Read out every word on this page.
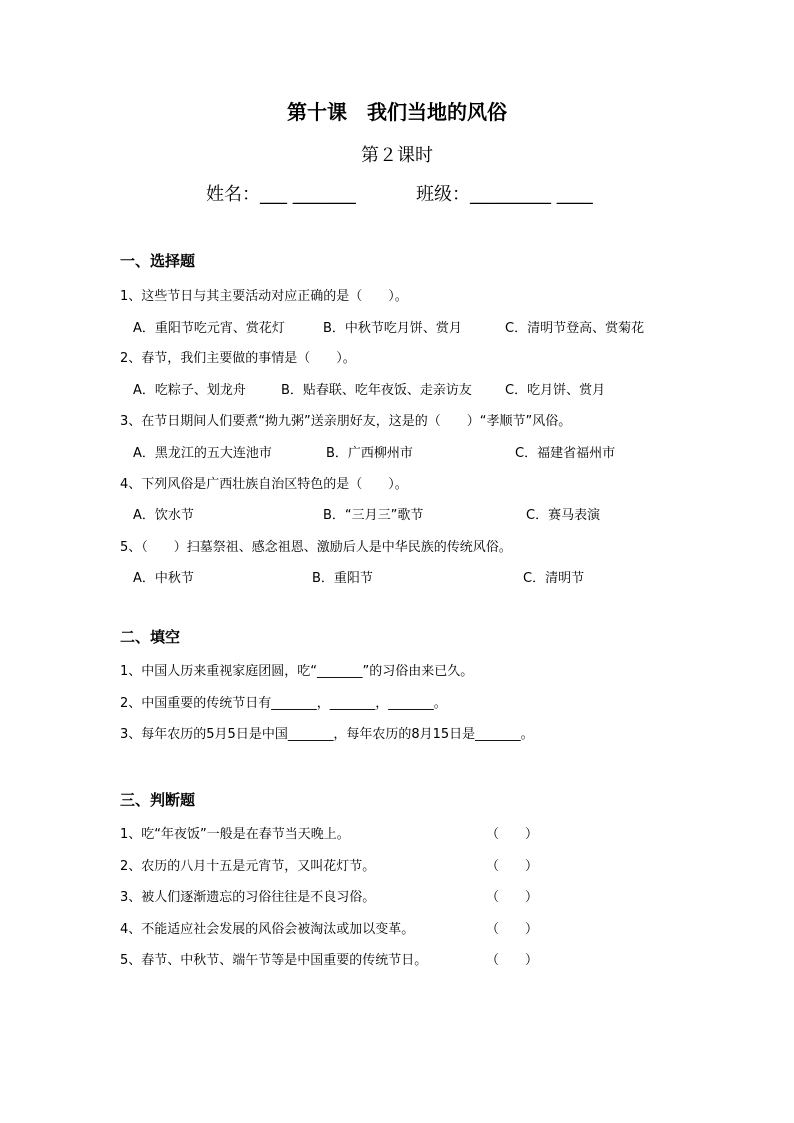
第十课　我们当地的风俗
第２课时
姓名：___ _______	班级：_________ ____
一、选择题
1、这些节日与其主要活动对应正确的是（　　）。
A．重阳节吃元宵、赏花灯	B．中秋节吃月饼、赏月	C．清明节登高、赏菊花
2、春节，我们主要做的事情是（　　）。
A．吃粽子、划龙舟	B．贴春联、吃年夜饭、走亲访友	C．吃月饼、赏月
3、在节日期间人们要煮“拗九粥”送亲朋好友，这是的（　　）“孝顺节”风俗。
A．黑龙江的五大连池市	B．广西柳州市	C．福建省福州市
4、下列风俗是广西壮族自治区特色的是（　　）。
A．饮水节	B．“三月三”歌节	C．赛马表演
5、（　　）扫墓祭祖、感念祖恩、激励后人是中华民族的传统风俗。
A．中秋节	B．重阳节	C．清明节
二、填空
1、中国人历来重视家庭团圆，吃“_______”的习俗由来已久。
2、中国重要的传统节日有_______，_______，_______。
3、每年农历的5月5日是中国_______，每年农历的8月15日是_______。
三、判断题
1、吃“年夜饭”一般是在春节当天晚上。	（　　）
2、农历的八月十五是元宵节，又叫花灯节。	（　　）
3、被人们逐渐遗忘的习俗往往是不良习俗。	（　　）
4、不能适应社会发展的风俗会被淘汰或加以变革。	（　　）
5、春节、中秋节、端午节等是中国重要的传统节日。	（　　）
